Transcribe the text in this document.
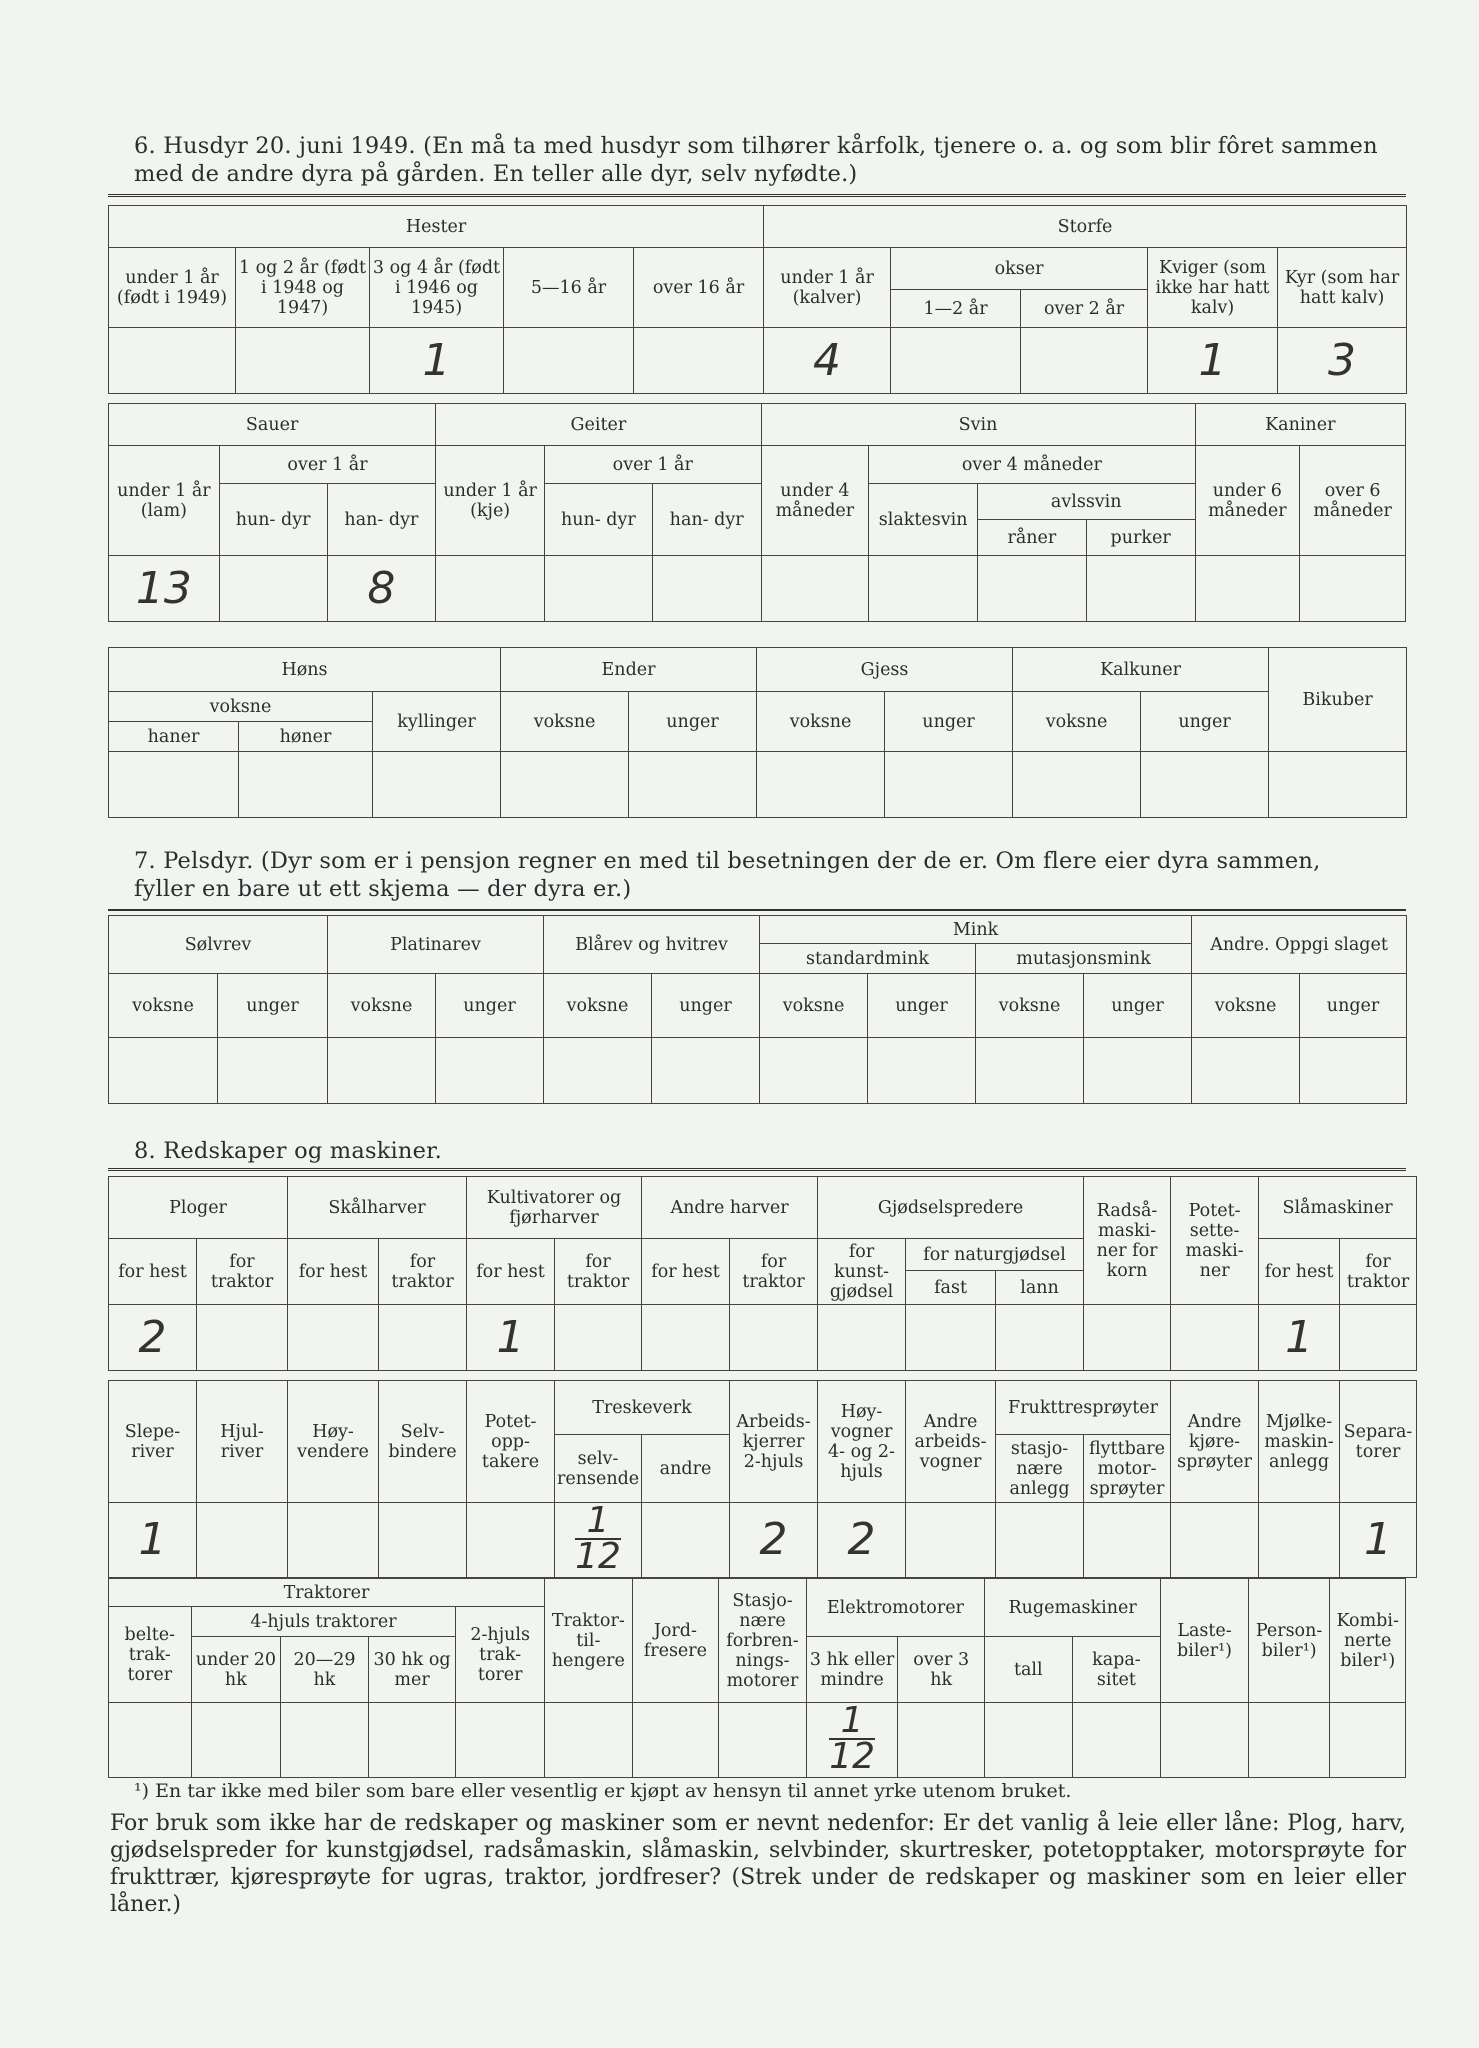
6. Husdyr 20. juni 1949. (En må ta med husdyr som tilhører kårfolk, tjenere o. a. og som blir fôret sammen
med de andre dyra på gården. En teller alle dyr, selv nyfødte.)
Hester					Storfe				
under 1 år (født i 1949)	1 og 2 år (født i 1948 og 1947)	3 og 4 år (født i 1946 og 1945)	5—16 år	over 16 år	under 1 år (kalver)	okser		Kviger (som ikke har hatt kalv)	Kyr (som har hatt kalv)
						1—2 år	over 2 år		
		1			4			1	3
Sauer			Geiter			Svin				Kaniner	
under 1 år (lam)	over 1 år		under 1 år (kje)	over 1 år		under 4 måneder	over 4 måneder			under 6 måneder	over 6 måneder
	hun- dyr	han- dyr		hun- dyr	han- dyr		slaktesvin	avlssvin			
								råner	purker		
13		8									
Høns			Ender		Gjess		Kalkuner		Bikuber
voksne		kyllinger	voksne	unger	voksne	unger	voksne	unger	
haner	høner								

7. Pelsdyr. (Dyr som er i pensjon regner en med til besetningen der de er. Om flere eier dyra sammen,
fyller en bare ut ett skjema — der dyra er.)
Sølvrev		Platinarev		Blårev og hvitrev		Mink				Andre. Oppgi slaget	
						standardmink		mutasjonsmink			
voksne	unger	voksne	unger	voksne	unger	voksne	unger	voksne	unger	voksne	unger

8. Redskaper og maskiner.
Ploger		Skålharver		Kultivatorer og fjørharver		Andre harver		Gjødselspredere			Radså- maski- ner for korn	Potet- sette- maski- ner	Slåmaskiner	
for hest	for traktor	for hest	for traktor	for hest	for traktor	for hest	for traktor	for kunst- gjødsel	for naturgjødsel				for hest	for traktor
									fast	lann				
2				1									1	
Slepe- river	Hjul- river	Høy- vendere	Selv- bindere	Potet- opp- takere	Treskeverk		Arbeids- kjerrer 2-hjuls	Høy- vogner 4- og 2- hjuls	Andre arbeids- vogner	Frukttresprøyter		Andre kjøre- sprøyter	Mjølke- maskin- anlegg	Separa- torer
					selv- rensende	andre				stasjo- nære anlegg	flyttbare motor- sprøyter			
1					$\frac{1}{12}$		2	2						1
Traktorer					Traktor- til- hengere	Jord- fresere	Stasjo- nære forbren- nings- motorer	Elektromotorer		Rugemaskiner		Laste- biler¹)	Person- biler¹)	Kombi- nerte biler¹)
belte- trak- torer	4-hjuls traktorer			2-hjuls trak- torer										
	under 20 hk	20—29 hk	30 hk og mer					3 hk eller mindre	over 3 hk	tall	kapa- sitet			

								$\frac{1}{12}$

¹) En tar ikke med biler som bare eller vesentlig er kjøpt av hensyn til annet yrke utenom bruket.
For bruk som ikke har de redskaper og maskiner som er nevnt nedenfor: Er det vanlig å leie eller låne: Plog, harv, gjødselspreder for kunstgjødsel, radsåmaskin, slåmaskin, selvbinder, skurtresker, potetopptaker, motorsprøyte for frukttrær, kjøresprøyte for ugras, traktor, jordfreser? (Strek under de redskaper og maskiner som en leier eller låner.)
